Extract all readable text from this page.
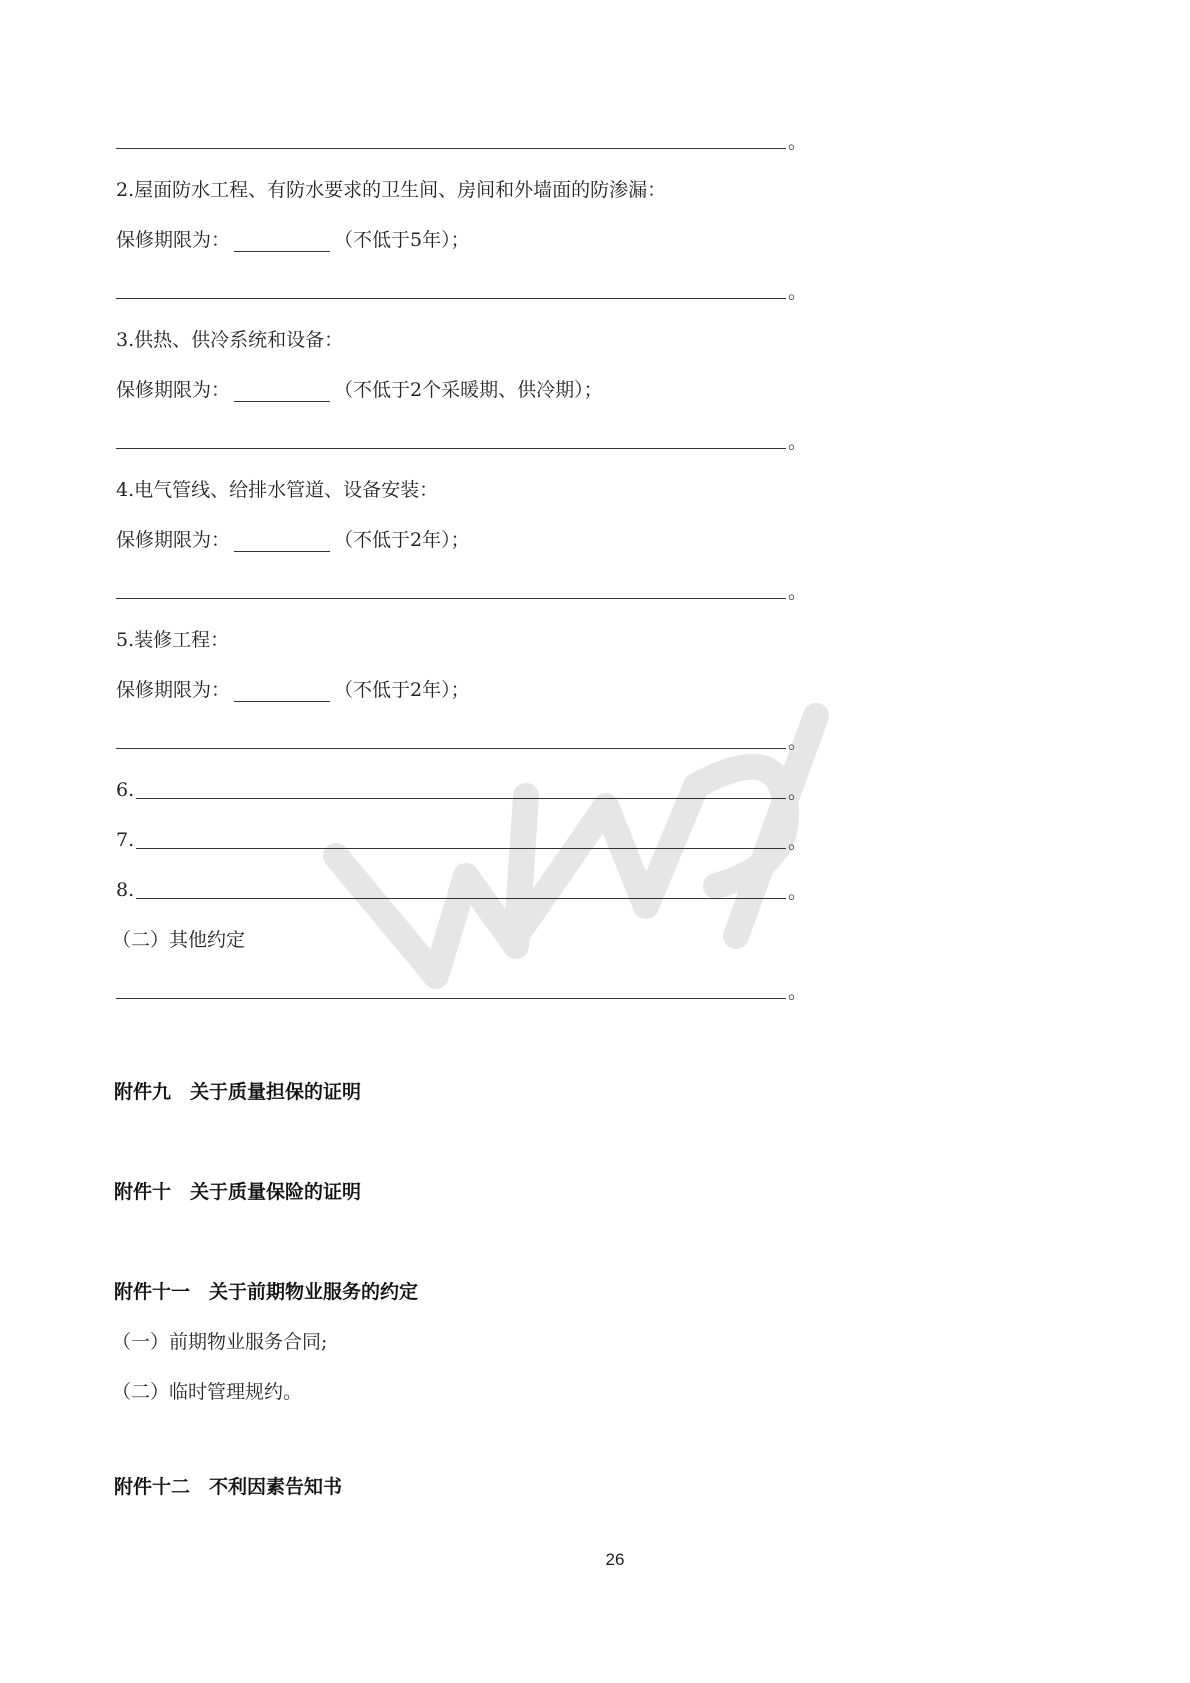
。
2.屋面防水工程、有防水要求的卫生间、房间和外墙面的防渗漏：
保修期限为：	（不低于5年）；
。
3.供热、供冷系统和设备：
保修期限为：	（不低于2个采暖期、供冷期）；
。
4.电气管线、给排水管道、设备安装：
保修期限为：	（不低于2年）；
。
5.装修工程：
保修期限为：	（不低于2年）；
。
6.	。
7.	。
8.	。
（二）其他约定
。
附件九　关于质量担保的证明
附件十　关于质量保险的证明
附件十一　关于前期物业服务的约定
（一）前期物业服务合同;
（二）临时管理规约。
附件十二　不利因素告知书
26
